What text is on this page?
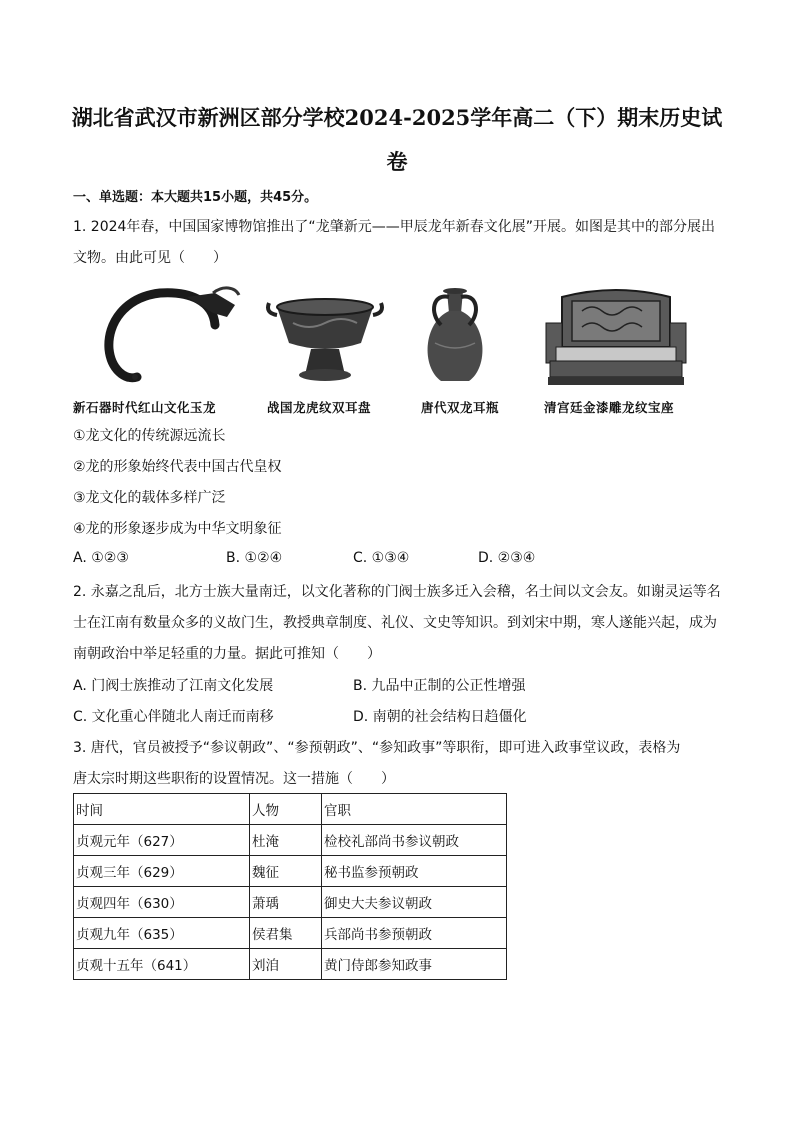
湖北省武汉市新洲区部分学校2024-2025学年高二（下）期末历史试
卷
一、单选题：本大题共15小题，共45分。
1. 2024年春，中国国家博物馆推出了“龙肇新元——甲辰龙年新春文化展”开展。如图是其中的部分展出
文物。由此可见（　　）
新石器时代红山文化玉龙	战国龙虎纹双耳盘	唐代双龙耳瓶	清宫廷金漆雕龙纹宝座
①龙文化的传统源远流长
②龙的形象始终代表中国古代皇权
③龙文化的载体多样广泛
④龙的形象逐步成为中华文明象征
A. ①②③	B. ①②④	C. ①③④	D. ②③④
2. 永嘉之乱后，北方士族大量南迁，以文化著称的门阀士族多迁入会稽，名士间以文会友。如谢灵运等名
士在江南有数量众多的义故门生，教授典章制度、礼仪、文史等知识。到刘宋中期，寒人遂能兴起，成为
南朝政治中举足轻重的力量。据此可推知（　　）
A. 门阀士族推动了江南文化发展	B. 九品中正制的公正性增强
C. 文化重心伴随北人南迁而南移	D. 南朝的社会结构日趋僵化
3. 唐代，官员被授予“参议朝政”、“参预朝政”、“参知政事”等职衔，即可进入政事堂议政，表格为
唐太宗时期这些职衔的设置情况。这一措施（　　）
时间	人物	官职
贞观元年（627）	杜淹	检校礼部尚书参议朝政
贞观三年（629）	魏征	秘书监参预朝政
贞观四年（630）	萧瑀	御史大夫参议朝政
贞观九年（635）	侯君集	兵部尚书参预朝政
贞观十五年（641）	刘洎	黄门侍郎参知政事
